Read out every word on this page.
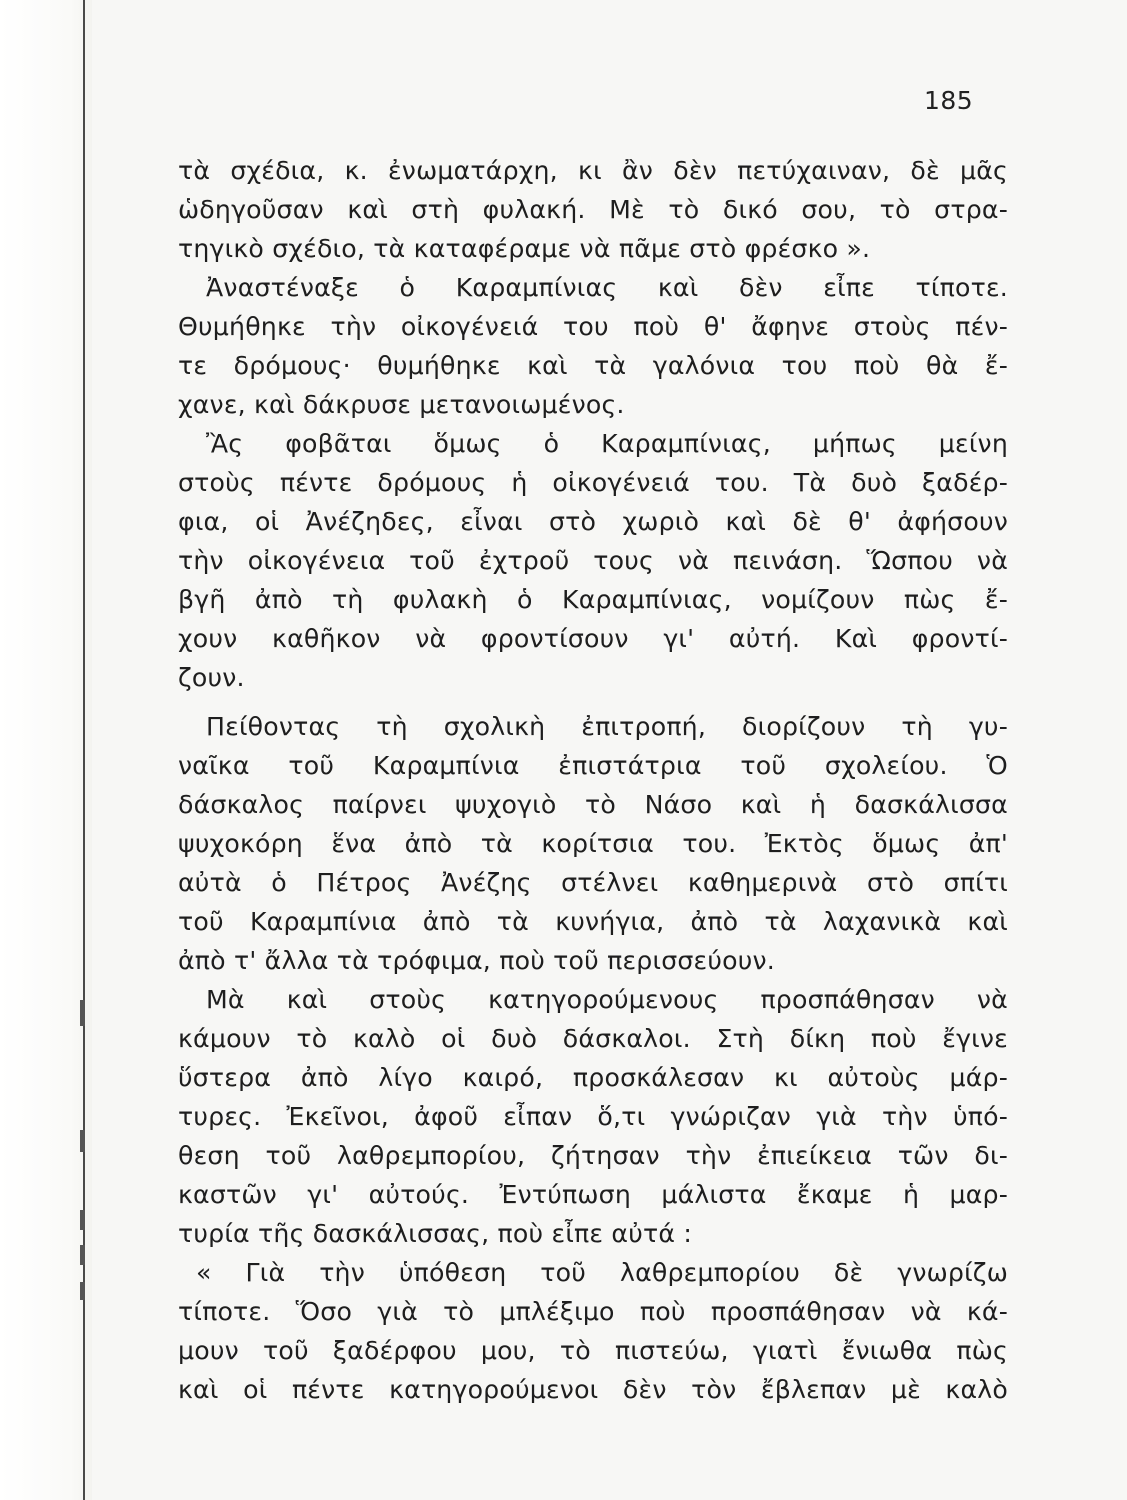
185
τὰ σχέδια, κ. ἐνωματάρχη, κι ἂν δὲν πετύχαιναν, δὲ μᾶς
ὡδηγοῦσαν καὶ στὴ φυλακή. Μὲ τὸ δικό σου, τὸ στρα-
τηγικὸ σχέδιο, τὰ καταφέραμε νὰ πᾶμε στὸ φρέσκο ».
Ἀναστέναξε ὁ Καραμπίνιας καὶ δὲν εἶπε τίποτε.
Θυμήθηκε τὴν οἰκογένειά του ποὺ θ' ἄφηνε στοὺς πέν-
τε δρόμους· θυμήθηκε καὶ τὰ γαλόνια του ποὺ θὰ ἔ-
χανε, καὶ δάκρυσε μετανοιωμένος.
Ἂς φοβᾶται ὅμως ὁ Καραμπίνιας, μήπως μείνη
στοὺς πέντε δρόμους ἡ οἰκογένειά του. Τὰ δυὸ ξαδέρ-
φια, οἱ Ἀνέζηδες, εἶναι στὸ χωριὸ καὶ δὲ θ' ἀφήσουν
τὴν οἰκογένεια τοῦ ἐχτροῦ τους νὰ πεινάση. Ὥσπου νὰ
βγῆ ἀπὸ τὴ φυλακὴ ὁ Καραμπίνιας, νομίζουν πὼς ἔ-
χουν καθῆκον νὰ φροντίσουν γι' αὐτή. Καὶ φροντί-
ζουν.
Πείθοντας τὴ σχολικὴ ἐπιτροπή, διορίζουν τὴ γυ-
ναῖκα τοῦ Καραμπίνια ἐπιστάτρια τοῦ σχολείου. Ὁ
δάσκαλος παίρνει ψυχογιὸ τὸ Νάσο καὶ ἡ δασκάλισσα
ψυχοκόρη ἕνα ἀπὸ τὰ κορίτσια του. Ἐκτὸς ὅμως ἀπ'
αὐτὰ ὁ Πέτρος Ἀνέζης στέλνει καθημερινὰ στὸ σπίτι
τοῦ Καραμπίνια ἀπὸ τὰ κυνήγια, ἀπὸ τὰ λαχανικὰ καὶ
ἀπὸ τ' ἄλλα τὰ τρόφιμα, ποὺ τοῦ περισσεύουν.
Μὰ καὶ στοὺς κατηγορούμενους προσπάθησαν νὰ
κάμουν τὸ καλὸ οἱ δυὸ δάσκαλοι. Στὴ δίκη ποὺ ἔγινε
ὕστερα ἀπὸ λίγο καιρό, προσκάλεσαν κι αὐτοὺς μάρ-
τυρες. Ἐκεῖνοι, ἀφοῦ εἶπαν ὅ,τι γνώριζαν γιὰ τὴν ὑπό-
θεση τοῦ λαθρεμπορίου, ζήτησαν τὴν ἐπιείκεια τῶν δι-
καστῶν γι' αὐτούς. Ἐντύπωση μάλιστα ἔκαμε ἡ μαρ-
τυρία τῆς δασκάλισσας, ποὺ εἶπε αὐτά :
« Γιὰ τὴν ὑπόθεση τοῦ λαθρεμπορίου δὲ γνωρίζω
τίποτε. Ὅσο γιὰ τὸ μπλέξιμο ποὺ προσπάθησαν νὰ κά-
μουν τοῦ ξαδέρφου μου, τὸ πιστεύω, γιατὶ ἔνιωθα πὼς
καὶ οἱ πέντε κατηγορούμενοι δὲν τὸν ἔβλεπαν μὲ καλὸ
